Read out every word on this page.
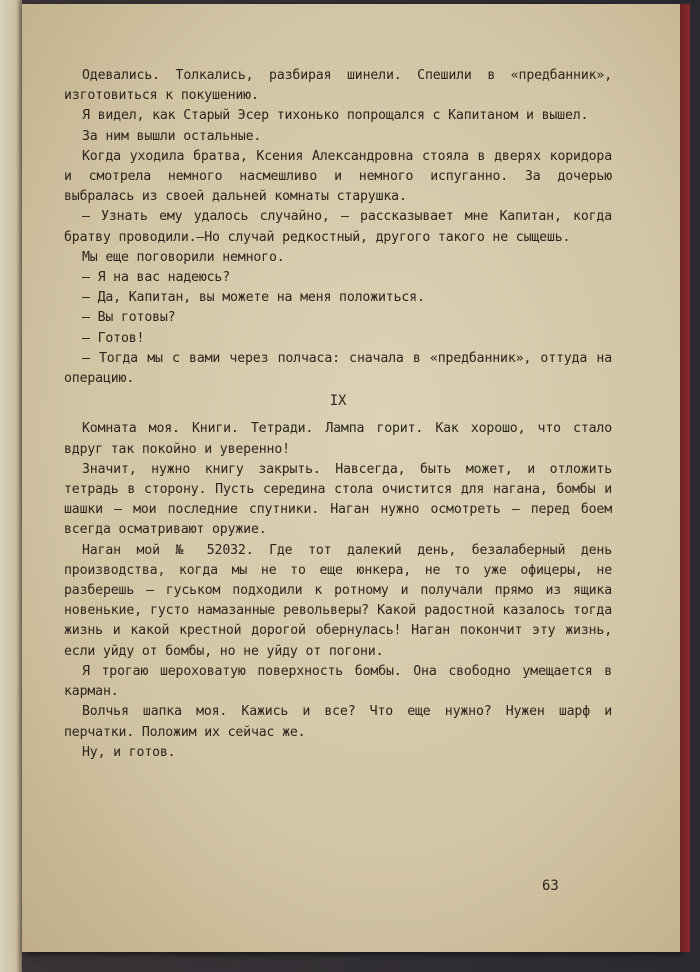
Одевались. Толкались, разбирая шинели. Спешили в «предбанник», изготовиться к покушению.

Я видел, как Старый Эсер тихонько попрощался с Капитаном и вышел.

За ним вышли остальные.

Когда уходила братва, Ксения Александровна стояла в дверях коридора и смотрела немного насмешливо и немного испуганно. За дочерью выбралась из своей дальней комнаты старушка.

— Узнать ему удалось случайно, — рассказывает мне Капитан, когда братву проводили.—Но случай редкостный, другого такого не сыщешь.

Мы еще поговорили немного.

— Я на вас надеюсь?

— Да, Капитан, вы можете на меня положиться.

— Вы готовы?

— Готов!

— Тогда мы с вами через полчаса: сначала в «предбанник», оттуда на операцию.

IX

Комната моя. Книги. Тетради. Лампа горит. Как хорошо, что стало вдруг так покойно и уверенно!

Значит, нужно книгу закрыть. Навсегда, быть может, и отложить тетрадь в сторону. Пусть середина стола очистится для нагана, бомбы и шашки — мои последние спутники. Наган нужно осмотреть — перед боем всегда осматривают оружие.

Наган мой № 52032. Где тот далекий день, безалаберный день производства, когда мы не то еще юнкера, не то уже офицеры, не разберешь — гуськом подходили к ротному и получали прямо из ящика новенькие, густо намазанные револьверы? Какой радостной казалось тогда жизнь и какой крестной дорогой обернулась! Наган покончит эту жизнь, если уйду от бомбы, но не уйду от погони.

Я трогаю шероховатую поверхность бомбы. Она свободно умещается в карман.

Волчья шапка моя. Кажись и все? Что еще нужно? Нужен шарф и перчатки. Положим их сейчас же.

Ну, и готов.

63
